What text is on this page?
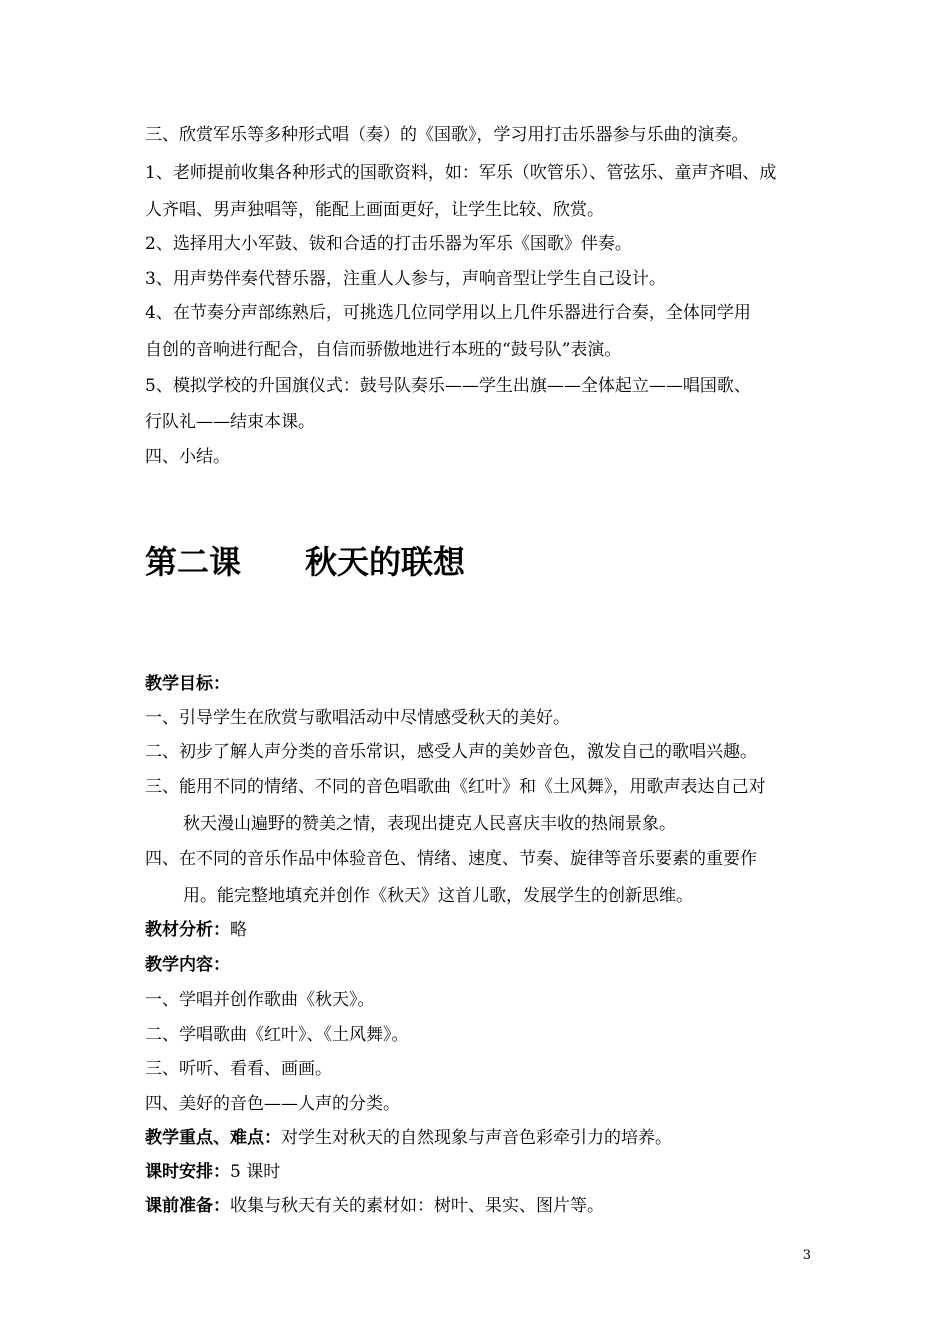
三、欣赏军乐等多种形式唱（奏）的《国歌》，学习用打击乐器参与乐曲的演奏。
1、老师提前收集各种形式的国歌资料，如：军乐（吹管乐）、管弦乐、童声齐唱、成
人齐唱、男声独唱等，能配上画面更好，让学生比较、欣赏。
2、选择用大小军鼓、钹和合适的打击乐器为军乐《国歌》伴奏。
3、用声势伴奏代替乐器，注重人人参与，声响音型让学生自己设计。
4、在节奏分声部练熟后，可挑选几位同学用以上几件乐器进行合奏，全体同学用
自创的音响进行配合，自信而骄傲地进行本班的“鼓号队”表演。
5、模拟学校的升国旗仪式：鼓号队奏乐——学生出旗——全体起立——唱国歌、
行队礼——结束本课。
四、小结。
第二课　　秋天的联想
教学目标：
一、引导学生在欣赏与歌唱活动中尽情感受秋天的美好。
二、初步了解人声分类的音乐常识，感受人声的美妙音色，激发自己的歌唱兴趣。
三、能用不同的情绪、不同的音色唱歌曲《红叶》和《土风舞》，用歌声表达自己对
秋天漫山遍野的赞美之情，表现出捷克人民喜庆丰收的热闹景象。
四、在不同的音乐作品中体验音色、情绪、速度、节奏、旋律等音乐要素的重要作
用。能完整地填充并创作《秋天》这首儿歌，发展学生的创新思维。
教材分析：略
教学内容：
一、学唱并创作歌曲《秋天》。
二、学唱歌曲《红叶》、《土风舞》。
三、听听、看看、画画。
四、美好的音色——人声的分类。
教学重点、难点：对学生对秋天的自然现象与声音色彩牵引力的培养。
课时安排：5 课时
课前准备：收集与秋天有关的素材如：树叶、果实、图片等。
3
